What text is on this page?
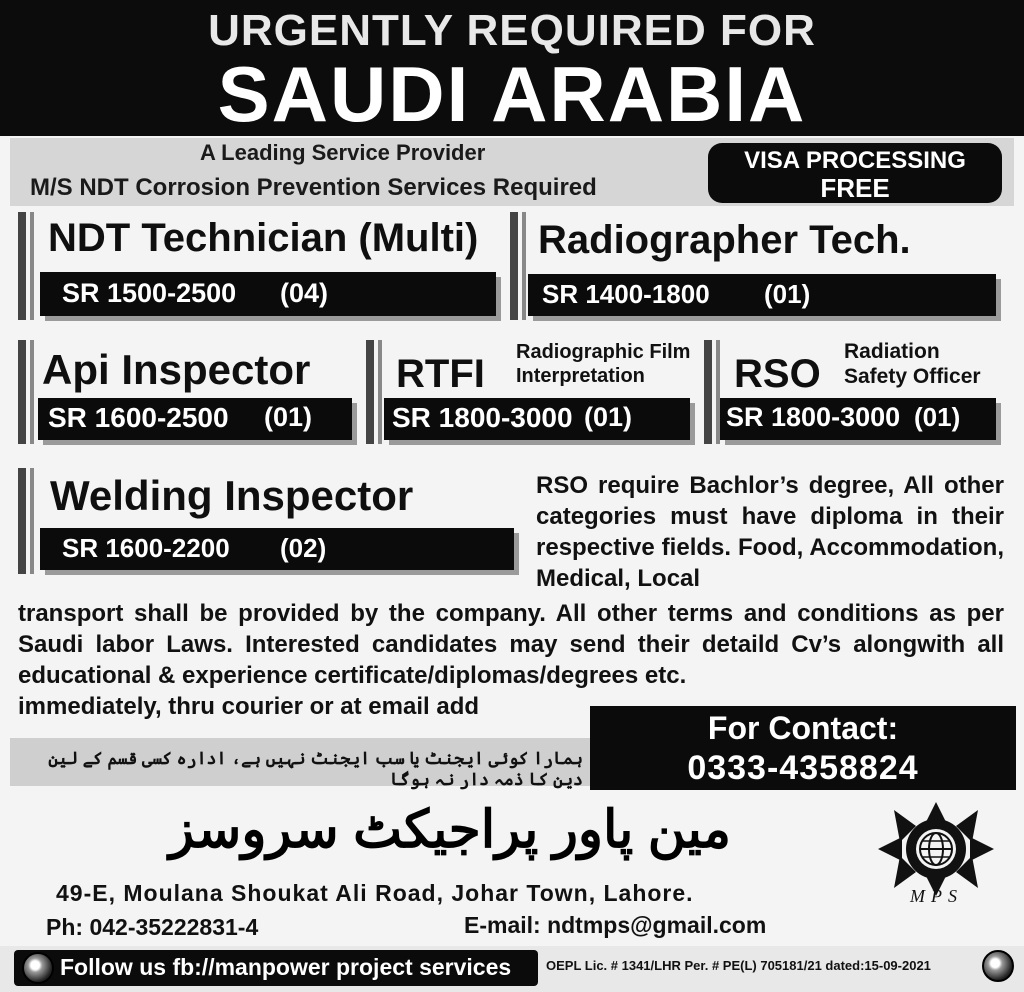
URGENTLY REQUIRED FOR
SAUDI ARABIA
A Leading Service Provider
M/S NDT Corrosion Prevention Services Required
VISA PROCESSING
FREE
NDT Technician (Multi)
SR 1500-2500 (04)
Radiographer Tech.
SR 1400-1800 (01)
Api Inspector
SR 1600-2500 (01)
RTFI Radiographic Film
Interpretation
SR 1800-3000 (01)
RSO
Radiation
Safety Officer
SR 1800-3000 (01)
Welding Inspector
SR 1600-2200 (02)
RSO require Bachlor’s degree, All other categories must have diploma in their respective fields. Food, Accommodation, Medical, Local
transport shall be provided by the company. All other terms and conditions as per Saudi labor Laws. Interested candidates may send their detaild Cv’s alongwith all educational & experience certificate/diplomas/degrees etc.
immediately, thru courier or at email add
For Contact:
0333-4358824
ہمارا کوئی ایجنٹ یا سب ایجنٹ نہیں ہے، ادارہ کسی قسم کے لین دین کا ذمہ دار نہ ہوگا
مین پاور پراجیکٹ سروسز
MPS
49-E, Moulana Shoukat Ali Road, Johar Town, Lahore.
Ph: 042-35222831-4	E-mail: ndtmps@gmail.com
Follow us fb://manpower project services	OEPL Lic. # 1341/LHR Per. # PE(L) 705181/21 dated:15-09-2021
